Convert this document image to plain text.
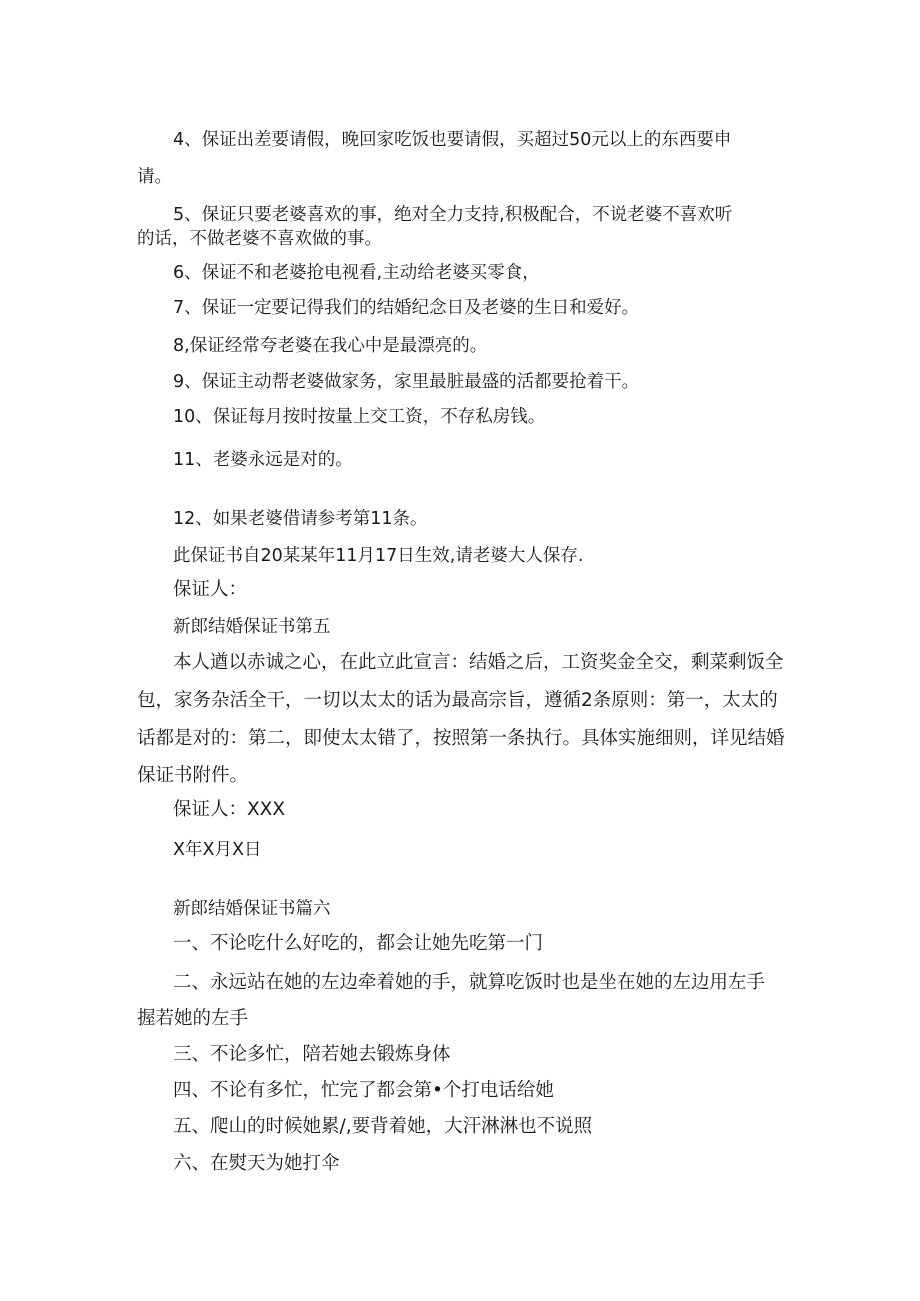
4、保证出差要请假，晚回家吃饭也要请假，买超过50元以上的东西要申
请。
5、保证只要老婆喜欢的事，绝对全力支持,积极配合，不说老婆不喜欢听
的话，不做老婆不喜欢做的事。
6、保证不和老婆抢电视看,主动给老婆买零食，
7、保证一定要记得我们的结婚纪念日及老婆的生日和爱好。
8,保证经常夸老婆在我心中是最漂亮的。
9、保证主动帮老婆做家务，家里最脏最盛的活都要抢着干。
10、保证每月按时按量上交工资，不存私房钱。
11、老婆永远是对的。
12、如果老婆借请参考第11条。
此保证书自20某某年11月17日生效,请老婆大人保存.
保证人：
新郎结婚保证书第五
本人遒以赤诚之心，在此立此宣言：结婚之后，工资奖金全交，剩菜剩饭全
包，家务杂活全干，一切以太太的话为最高宗旨，遵循2条原则：第一，太太的
话都是对的：第二，即使太太错了，按照第一条执行。具体实施细则，详见结婚
保证书附件。
保证人：XXX
X年X月X日
新郎结婚保证书篇六
一、不论吃什么好吃的，都会让她先吃第一门
二、永远站在她的左边牵着她的手，就算吃饭时也是坐在她的左边用左手
握若她的左手
三、不论多忙，陪若她去锻炼身体
四、不论有多忙，忙完了都会第•个打电话给她
五、爬山的时候她累/,要背着她，大汗淋淋也不说照
六、在熨天为她打伞
